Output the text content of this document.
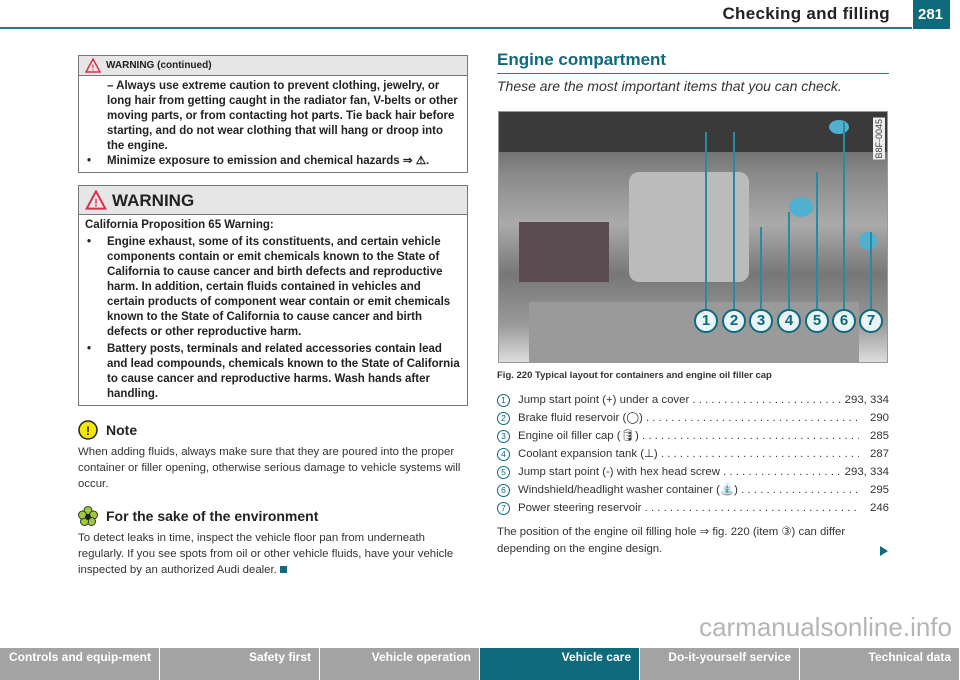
Checking and filling	281
! WARNING (continued)
– Always use extreme caution to prevent clothing, jewelry, or long hair from getting caught in the radiator fan, V-belts or other moving parts, or from contacting hot parts. Tie back hair before starting, and do not wear clothing that will hang or droop into the engine.
•	Minimize exposure to emission and chemical hazards ⇒ ⚠.
! WARNING
California Proposition 65 Warning:
•	Engine exhaust, some of its constituents, and certain vehicle components contain or emit chemicals known to the State of California to cause cancer and birth defects and reproductive harm. In addition, certain fluids contained in vehicles and certain products of component wear contain or emit chemicals known to the State of California to cause cancer and birth defects or other reproductive harm.
•	Battery posts, terminals and related accessories contain lead and lead compounds, chemicals known to the State of California to cause cancer and reproductive harms. Wash hands after handling.
! Note
When adding fluids, always make sure that they are poured into the proper container or filler opening, otherwise serious damage to vehicle systems will occur.
For the sake of the environment
To detect leaks in time, inspect the vehicle floor pan from underneath regularly. If you see spots from oil or other vehicle fluids, have your vehicle inspected by an authorized Audi dealer.
Engine compartment
These are the most important items that you can check.
B8F-0045
1	2	3	4	5	6	7
Fig. 220 Typical layout for containers and engine oil filler cap
1	Jump start point (+) under a cover . . .	293, 334
2	Brake fluid reservoir (◯) . . .	290
3	Engine oil filler cap (🛢) . . .	285
4	Coolant expansion tank (⊥) . . .	287
5	Jump start point (-) with hex head screw . . .	293, 334
6	Windshield/headlight washer container (⛲) . . .	295
7	Power steering reservoir . . .	246
The position of the engine oil filling hole ⇒ fig. 220 (item ③) can differ depending on the engine design.
Controls and equip-ment	Safety first	Vehicle operation	Vehicle care	Do-it-yourself service	Technical data
carmanualsonline.info
